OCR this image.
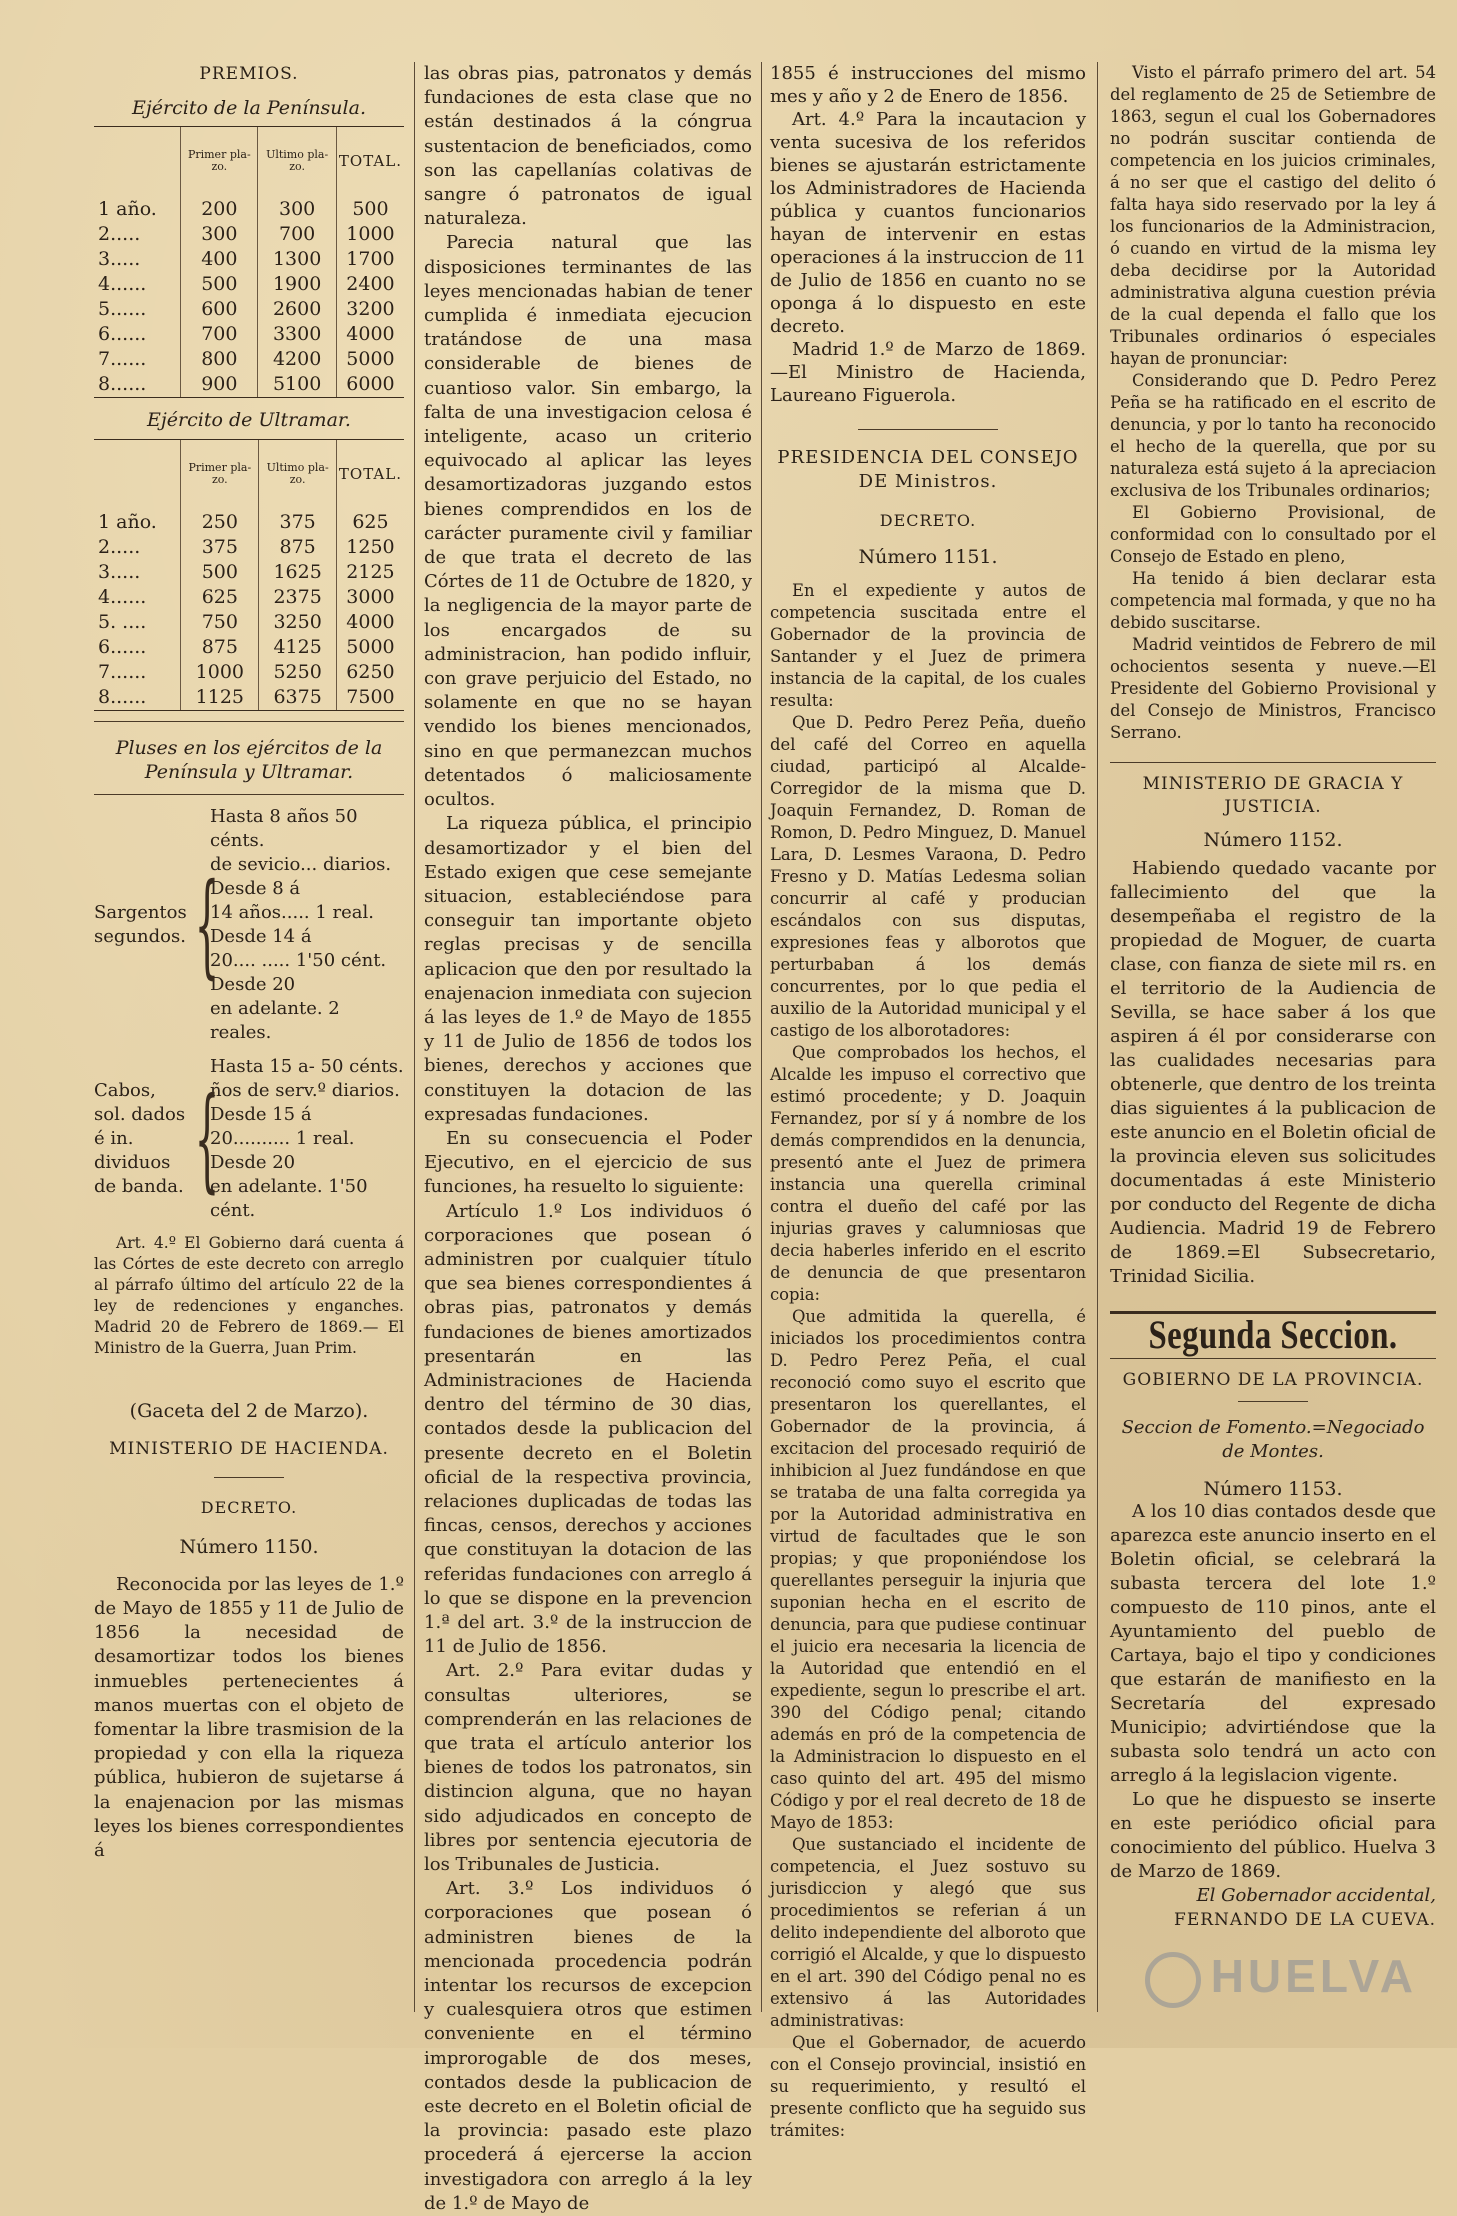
PREMIOS.

Ejército de la Península.

	Primer pla-zo.	Ultimo pla-zo.	TOTAL.
1 año.	200	300	500
2.....	300	700	1000
3.....	400	1300	1700
4......	500	1900	2400
5......	600	2600	3200
6......	700	3300	4000
7......	800	4200	5000
8......	900	5100	6000

Ejército de Ultramar.

	Primer pla-zo.	Ultimo pla-zo.	TOTAL.
1 año.	250	375	625
2.....	375	875	1250
3.....	500	1625	2125
4......	625	2375	3000
5. ....	750	3250	4000
6......	875	4125	5000
7......	1000	5250	6250
8......	1125	6375	7500

Pluses en los ejércitos de la Península y Ultramar.

Sargentos segundos. {
Hasta 8 años 50 cénts.
de sevicio... diarios.
Desde 8 á
14 años..... 1 real.
Desde 14 á
20.... ..... 1'50 cént.
Desde 20
en adelante. 2 reales.
Cabos, sol. dados é in. dividuos de banda. {
Hasta 15 a- 50 cénts.
ños de serv.º diarios.
Desde 15 á
20.......... 1 real.
Desde 20
en adelante. 1'50 cént.

Art. 4.º El Gobierno dará cuenta á las Córtes de este decreto con arreglo al párrafo último del artículo 22 de la ley de redenciones y enganches. Madrid 20 de Febrero de 1869.— El Ministro de la Guerra, Juan Prim.

(Gaceta del 2 de Marzo).

MINISTERIO DE HACIENDA.

DECRETO.

Número 1150.

Reconocida por las leyes de 1.º de Mayo de 1855 y 11 de Julio de 1856 la necesidad de desamortizar todos los bienes inmuebles pertenecientes á manos muertas con el objeto de fomentar la libre trasmision de la propiedad y con ella la riqueza pública, hubieron de sujetarse á la enajenacion por las mismas leyes los bienes correspondientes á

las obras pias, patronatos y demás fundaciones de esta clase que no están destinados á la cóngrua sustentacion de beneficiados, como son las capellanías colativas de sangre ó patronatos de igual naturaleza.

Parecia natural que las disposiciones terminantes de las leyes mencionadas habian de tener cumplida é inmediata ejecucion tratándose de una masa considerable de bienes de cuantioso valor. Sin embargo, la falta de una investigacion celosa é inteligente, acaso un criterio equivocado al aplicar las leyes desamortizadoras juzgando estos bienes comprendidos en los de carácter puramente civil y familiar de que trata el decreto de las Córtes de 11 de Octubre de 1820, y la negligencia de la mayor parte de los encargados de su administracion, han podido influir, con grave perjuicio del Estado, no solamente en que no se hayan vendido los bienes mencionados, sino en que permanezcan muchos detentados ó maliciosamente ocultos.

La riqueza pública, el principio desamortizador y el bien del Estado exigen que cese semejante situacion, estableciéndose para conseguir tan importante objeto reglas precisas y de sencilla aplicacion que den por resultado la enajenacion inmediata con sujecion á las leyes de 1.º de Mayo de 1855 y 11 de Julio de 1856 de todos los bienes, derechos y acciones que constituyen la dotacion de las expresadas fundaciones.

En su consecuencia el Poder Ejecutivo, en el ejercicio de sus funciones, ha resuelto lo siguiente:

Artículo 1.º Los individuos ó corporaciones que posean ó administren por cualquier título que sea bienes correspondientes á obras pias, patronatos y demás fundaciones de bienes amortizados presentarán en las Administraciones de Hacienda dentro del término de 30 dias, contados desde la publicacion del presente decreto en el Boletin oficial de la respectiva provincia, relaciones duplicadas de todas las fincas, censos, derechos y acciones que constituyan la dotacion de las referidas fundaciones con arreglo á lo que se dispone en la prevencion 1.ª del art. 3.º de la instruccion de 11 de Julio de 1856.

Art. 2.º Para evitar dudas y consultas ulteriores, se comprenderán en las relaciones de que trata el artículo anterior los bienes de todos los patronatos, sin distincion alguna, que no hayan sido adjudicados en concepto de libres por sentencia ejecutoria de los Tribunales de Justicia.

Art. 3.º Los individuos ó corporaciones que posean ó administren bienes de la mencionada procedencia podrán intentar los recursos de excepcion y cualesquiera otros que estimen conveniente en el término improrogable de dos meses, contados desde la publicacion de este decreto en el Boletin oficial de la provincia: pasado este plazo procederá á ejercerse la accion investigadora con arreglo á la ley de 1.º de Mayo de

1855 é instrucciones del mismo mes y año y 2 de Enero de 1856.

Art. 4.º Para la incautacion y venta sucesiva de los referidos bienes se ajustarán estrictamente los Administradores de Hacienda pública y cuantos funcionarios hayan de intervenir en estas operaciones á la instruccion de 11 de Julio de 1856 en cuanto no se oponga á lo dispuesto en este decreto.

Madrid 1.º de Marzo de 1869. —El Ministro de Hacienda, Laureano Figuerola.

PRESIDENCIA DEL CONSEJO DE Ministros.

DECRETO.

Número 1151.

En el expediente y autos de competencia suscitada entre el Gobernador de la provincia de Santander y el Juez de primera instancia de la capital, de los cuales resulta:

Que D. Pedro Perez Peña, dueño del café del Correo en aquella ciudad, participó al Alcalde-Corregidor de la misma que D. Joaquin Fernandez, D. Roman de Romon, D. Pedro Minguez, D. Manuel Lara, D. Lesmes Varaona, D. Pedro Fresno y D. Matías Ledesma solian concurrir al café y producian escándalos con sus disputas, expresiones feas y alborotos que perturbaban á los demás concurrentes, por lo que pedia el auxilio de la Autoridad municipal y el castigo de los alborotadores:

Que comprobados los hechos, el Alcalde les impuso el correctivo que estimó procedente; y D. Joaquin Fernandez, por sí y á nombre de los demás comprendidos en la denuncia, presentó ante el Juez de primera instancia una querella criminal contra el dueño del café por las injurias graves y calumniosas que decia haberles inferido en el escrito de denuncia de que presentaron copia:

Que admitida la querella, é iniciados los procedimientos contra D. Pedro Perez Peña, el cual reconoció como suyo el escrito que presentaron los querellantes, el Gobernador de la provincia, á excitacion del procesado requirió de inhibicion al Juez fundándose en que se trataba de una falta corregida ya por la Autoridad administrativa en virtud de facultades que le son propias; y que proponiéndose los querellantes perseguir la injuria que suponian hecha en el escrito de denuncia, para que pudiese continuar el juicio era necesaria la licencia de la Autoridad que entendió en el expediente, segun lo prescribe el art. 390 del Código penal; citando además en pró de la competencia de la Administracion lo dispuesto en el caso quinto del art. 495 del mismo Código y por el real decreto de 18 de Mayo de 1853:

Que sustanciado el incidente de competencia, el Juez sostuvo su jurisdiccion y alegó que sus procedimientos se referian á un delito independiente del alboroto que corrigió el Alcalde, y que lo dispuesto en el art. 390 del Código penal no es extensivo á las Autoridades administrativas:

Que el Gobernador, de acuerdo con el Consejo provincial, insistió en su requerimiento, y resultó el presente conflicto que ha seguido sus trámites:

Visto el párrafo primero del art. 54 del reglamento de 25 de Setiembre de 1863, segun el cual los Gobernadores no podrán suscitar contienda de competencia en los juicios criminales, á no ser que el castigo del delito ó falta haya sido reservado por la ley á los funcionarios de la Administracion, ó cuando en virtud de la misma ley deba decidirse por la Autoridad administrativa alguna cuestion prévia de la cual dependa el fallo que los Tribunales ordinarios ó especiales hayan de pronunciar:

Considerando que D. Pedro Perez Peña se ha ratificado en el escrito de denuncia, y por lo tanto ha reconocido el hecho de la querella, que por su naturaleza está sujeto á la apreciacion exclusiva de los Tribunales ordinarios;

El Gobierno Provisional, de conformidad con lo consultado por el Consejo de Estado en pleno,

Ha tenido á bien declarar esta competencia mal formada, y que no ha debido suscitarse.

Madrid veintidos de Febrero de mil ochocientos sesenta y nueve.—El Presidente del Gobierno Provisional y del Consejo de Ministros, Francisco Serrano.

MINISTERIO DE GRACIA Y JUSTICIA.

Número 1152.

Habiendo quedado vacante por fallecimiento del que la desempeñaba el registro de la propiedad de Moguer, de cuarta clase, con fianza de siete mil rs. en el territorio de la Audiencia de Sevilla, se hace saber á los que aspiren á él por considerarse con las cualidades necesarias para obtenerle, que dentro de los treinta dias siguientes á la publicacion de este anuncio en el Boletin oficial de la provincia eleven sus solicitudes documentadas á este Ministerio por conducto del Regente de dicha Audiencia. Madrid 19 de Febrero de 1869.=El Subsecretario, Trinidad Sicilia.

Segunda Seccion.

GOBIERNO DE LA PROVINCIA.

Seccion de Fomento.=Negociado de Montes.

Número 1153.

A los 10 dias contados desde que aparezca este anuncio inserto en el Boletin oficial, se celebrará la subasta tercera del lote 1.º compuesto de 110 pinos, ante el Ayuntamiento del pueblo de Cartaya, bajo el tipo y condiciones que estarán de manifiesto en la Secretaría del expresado Municipio; advirtiéndose que la subasta solo tendrá un acto con arreglo á la legislacion vigente.

Lo que he dispuesto se inserte en este periódico oficial para conocimiento del público. Huelva 3 de Marzo de 1869.

El Gobernador accidental,

FERNANDO DE LA CUEVA.

HUELVA
